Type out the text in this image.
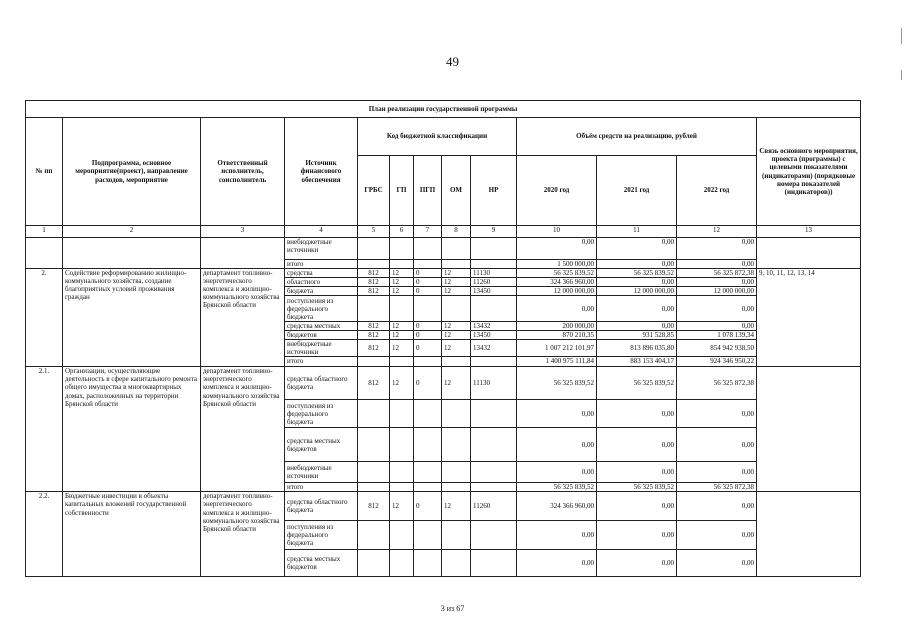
49
План реализации государственной программы												
№ пп	Подпрограмма, основное мероприятие(проект), направление расходов, мероприятие	Ответственный исполнитель, соисполнитель	Источник финансового обеспечения	Код бюджетной классификации					Объём средств на реализацию, рублей			Связь основного мероприятия, проекта (программы) с целевыми показателями (индикаторами) (порядковые номера показателей (индикаторов))
				ГРБС	ГП	ПГП	ОМ	НР	2020 год	2021 год	2022 год	
1	2	3	4	5	6	7	8	9	10	11	12	13
			внебюджетные источники						0,00	0,00	0,00	
			итого						1 500 000,00	0,00	0,00	
2.	Содействие реформированию жилищно-коммунального хозяйства, создание благоприятных условий проживания граждан	департамент топливно-энергетического комплекса и жилищно-коммунального хозяйства Брянской области	средства	812	12	0	12	11130	56 325 839,52	56 325 839,52	56 325 872,38	9, 10, 11, 12, 13, 14
			областного	812	12	0	12	11260	324 366 960,00	0,00	0,00	
			бюджета	812	12	0	12	13450	12 000 000,00	12 000 000,00	12 000 000,00	
			поступления из федерального бюджета						0,00	0,00	0,00	
			средства местных	812	12	0	12	13432	200 000,00	0,00	0,00	
			бюджетов	812	12	0	12	13450	870 210,35	931 528,85	1 078 139,34	
			внебюджетные источники	812	12	0	12	13432	1 007 212 101,97	813 896 035,80	854 942 938,50	
			итого						1 400 975 111,84	883 153 404,17	924 346 950,22	
2.1.	Организации, осуществляющие деятельность в сфере капитального ремонта общего имущества в многоквартирных домах, расположенных на территории Брянской области	департамент топливно-энергетического комплекса и жилищно-коммунального хозяйства Брянской области	средства областного бюджета	812	12	0	12	11130	56 325 839,52	56 325 839,52	56 325 872,38	
			поступления из федерального бюджета						0,00	0,00	0,00	
			средства местных бюджетов						0,00	0,00	0,00	
			внебюджетные источники						0,00	0,00	0,00	
			итого						56 325 839,52	56 325 839,52	56 325 872,38	
2.2.	Бюджетные инвестиции в объекты капитальных вложений государственной собственности	департамент топливно-энергетического комплекса и жилищно-коммунального хозяйства Брянской области	средства областного бюджета	812	12	0	12	11260	324 366 960,00	0,00	0,00	
			поступления из федерального бюджета						0,00	0,00	0,00	
			средства местных бюджетов						0,00	0,00	0,00	
3 из 67
